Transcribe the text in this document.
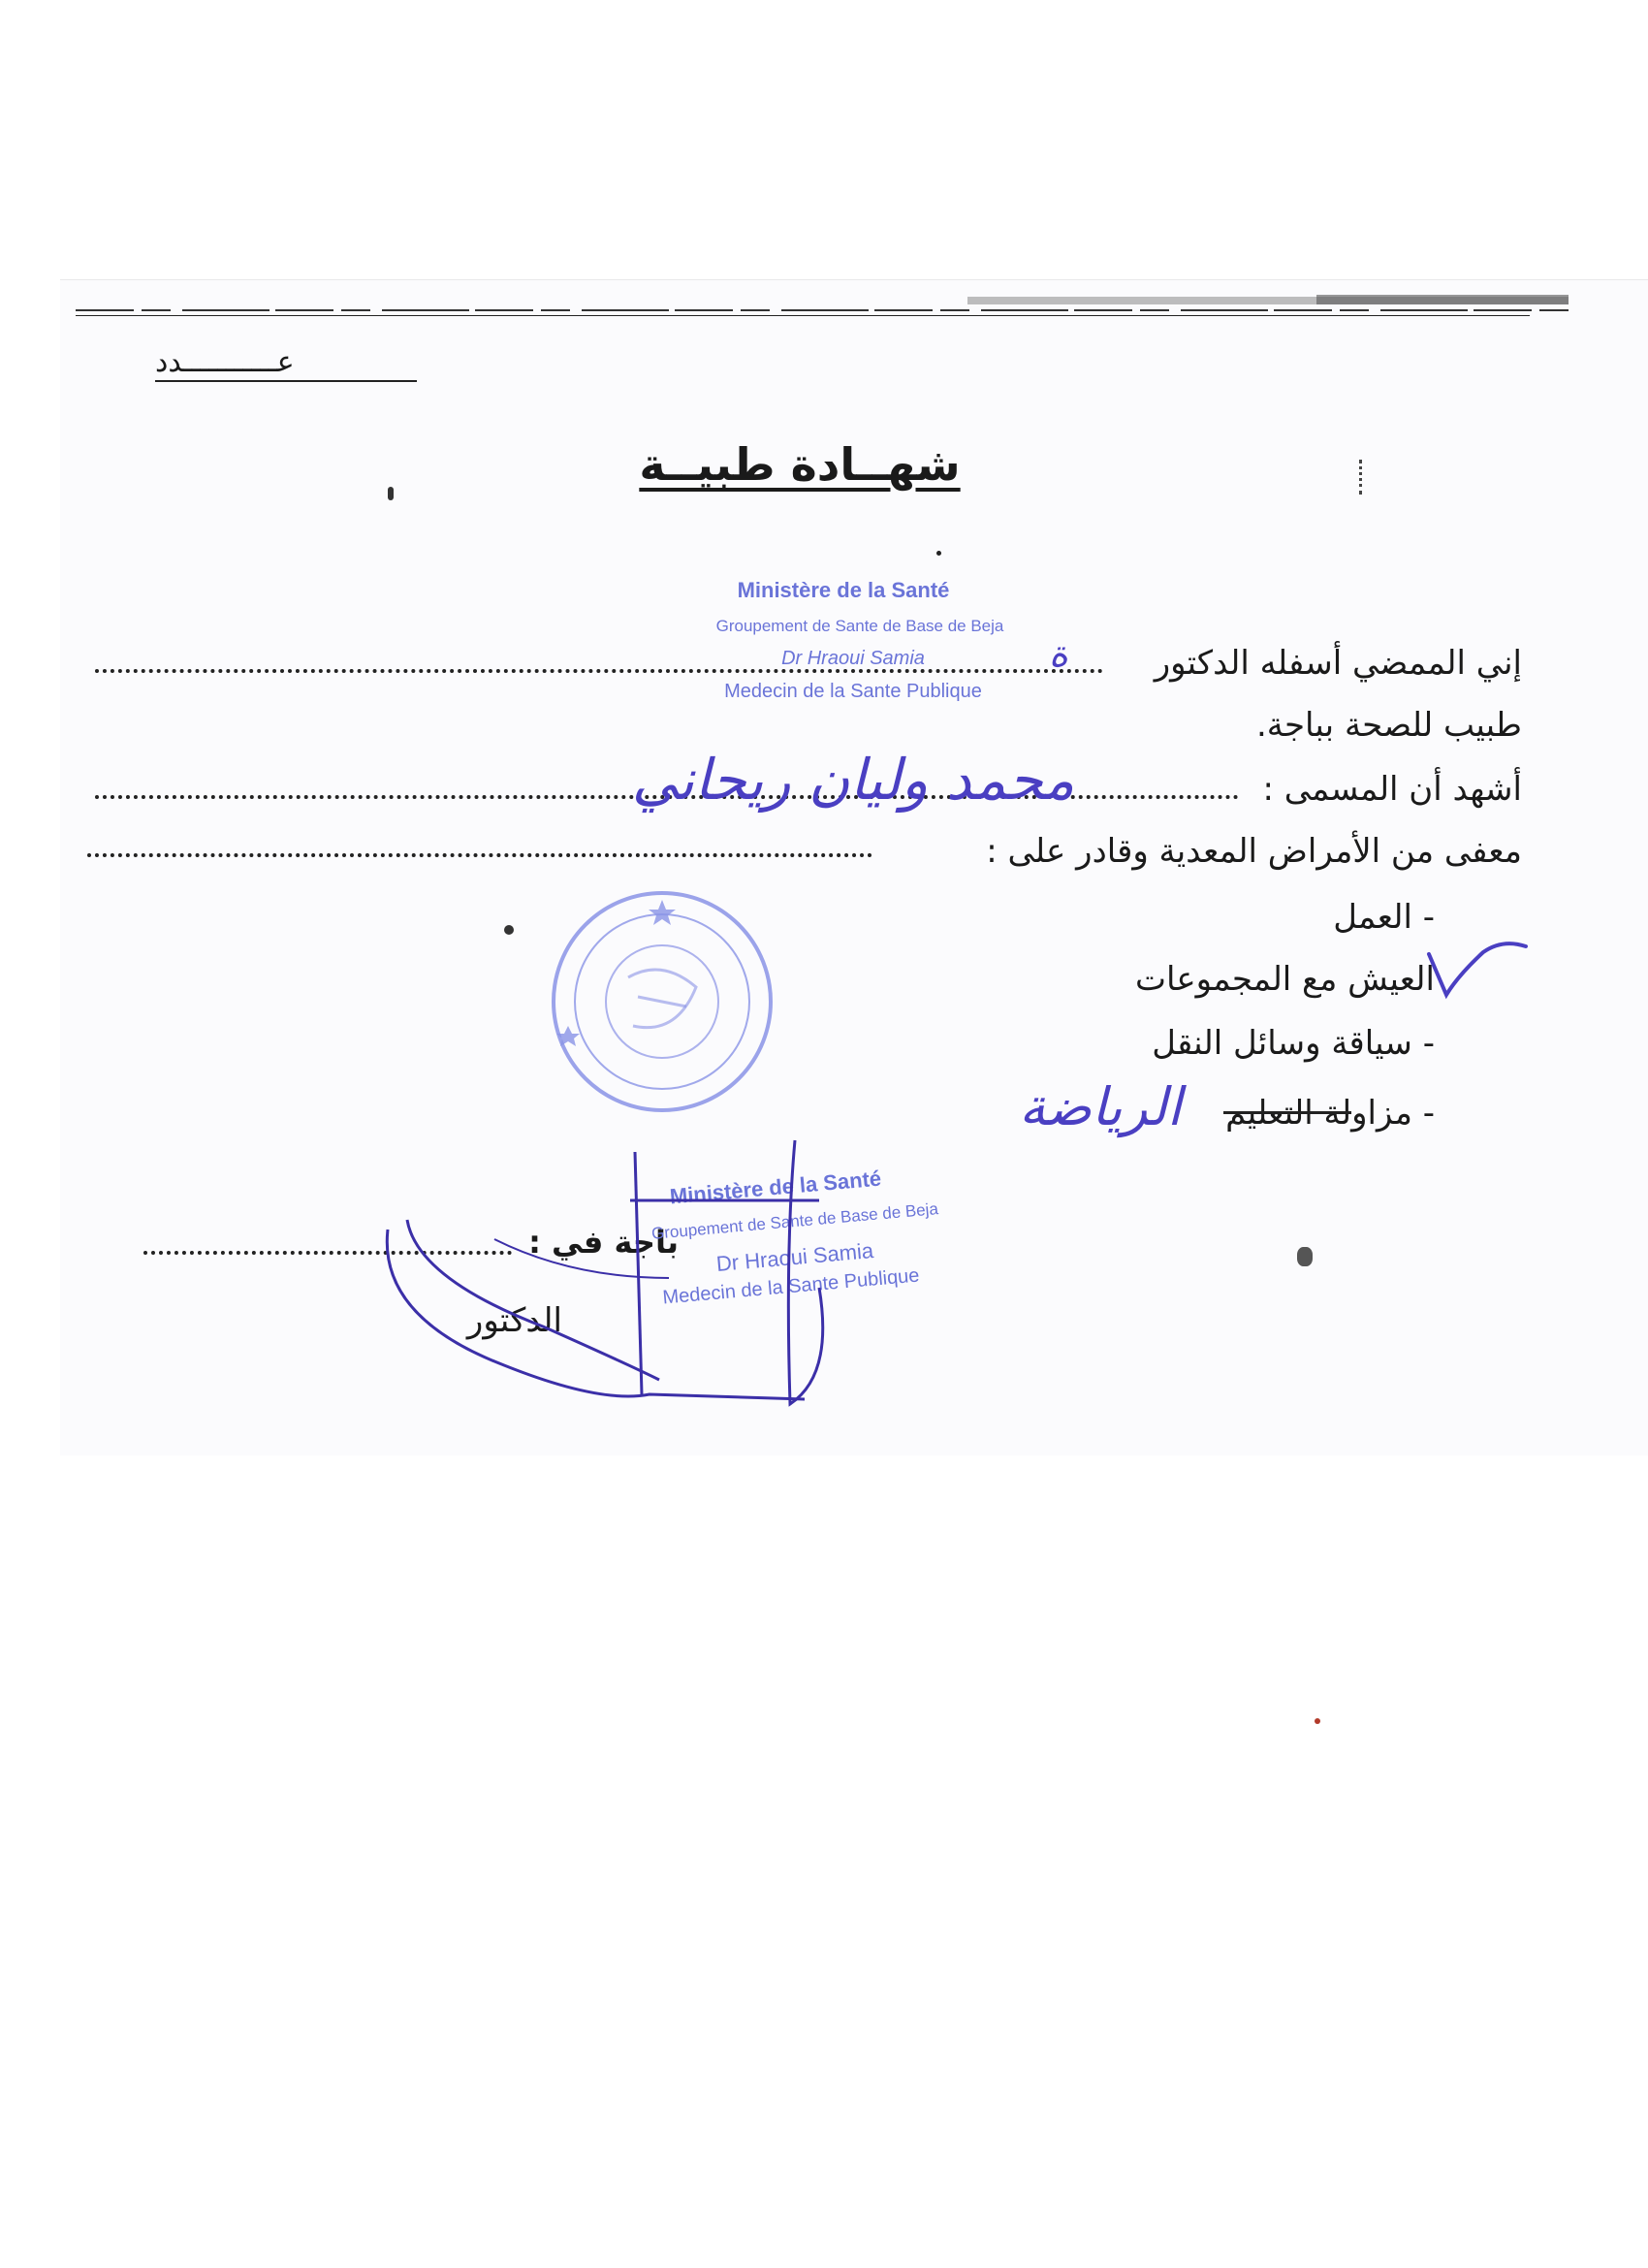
عـــــــــــدد
شهــادة طبيــة
Ministère de la Santé
Groupement de Sante de Base de Beja
Dr Hraoui Samia
Medecin de la Sante Publique
إني الممضي أسفله الدكتور
ة
طبيب للصحة بباجة.
أشهد أن المسمى :
محمد وليان ريحاني
معفى من الأمراض المعدية وقادر على :
- العمل
العيش مع المجموعات
- سياقة وسائل النقل
- مزاولة التعليم
الرياضة
باجة في :
الدكتور
Ministère de la Santé
Groupement de Sante de Base de Beja
Dr Hraoui Samia
Medecin de la Sante Publique
